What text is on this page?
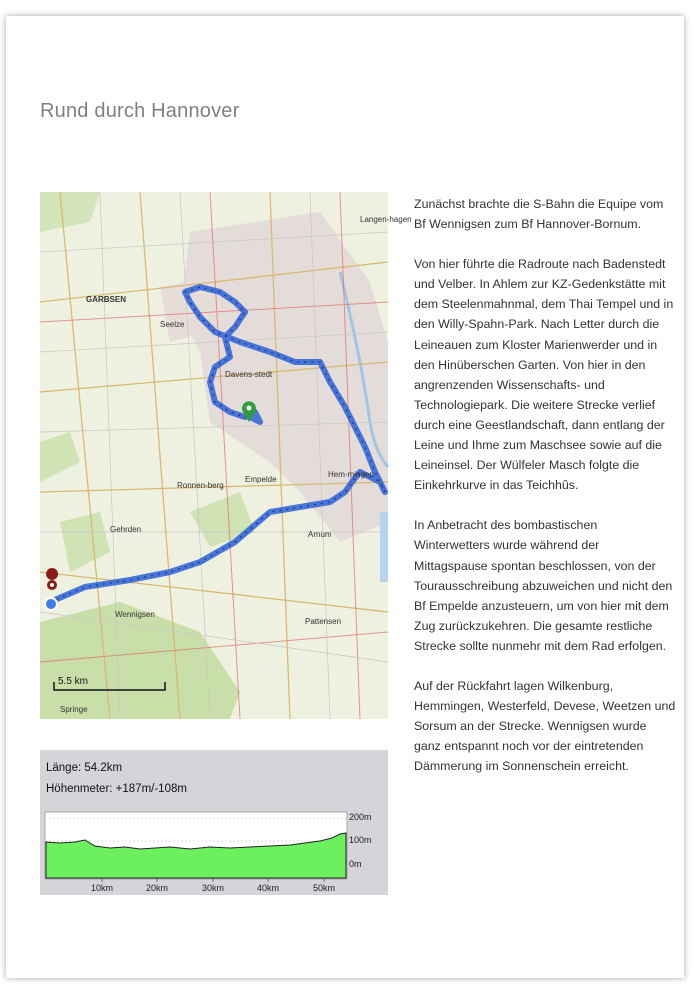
Rund durch Hannover
GARBSEN
Seelze
Ronnen-berg
Gehrden
Wennigsen
Pattensen
Springe
Langen-hagen
Hem-mingen
Arnum
Empelde
Davens-stedt
5.5 km
Länge: 54.2km
Höhenmeter: +187m/-108m
200m
100m
0m
10km	20km	30km	40km	50km

Zunächst brachte die S-Bahn die Equipe vom Bf Wennigsen zum Bf Hannover-Bornum.

Von hier führte die Radroute nach Badenstedt und Velber. In Ahlem zur KZ-Gedenkstätte mit dem Steelenmahnmal, dem Thai Tempel und in den Willy-Spahn-Park. Nach Letter durch die Leineauen zum Kloster Marienwerder und in den Hinüberschen Garten. Von hier in den angrenzenden Wissenschafts- und Technologiepark. Die weitere Strecke verlief durch eine Geestlandschaft, dann entlang der Leine und Ihme zum Maschsee sowie auf die Leineinsel. Der Wülfeler Masch folgte die Einkehrkurve in das Teichhûs.

In Anbetracht des bombastischen Winterwetters wurde während der Mittagspause spontan beschlossen, von der Tourausschreibung abzuweichen und nicht den Bf Empelde anzusteuern, um von hier mit dem Zug zurückzukehren. Die gesamte restliche Strecke sollte nunmehr mit dem Rad erfolgen.

Auf der Rückfahrt lagen Wilkenburg, Hemmingen, Westerfeld, Devese, Weetzen und Sorsum an der Strecke. Wennigsen wurde ganz entspannt noch vor der eintretenden Dämmerung im Sonnenschein erreicht.
